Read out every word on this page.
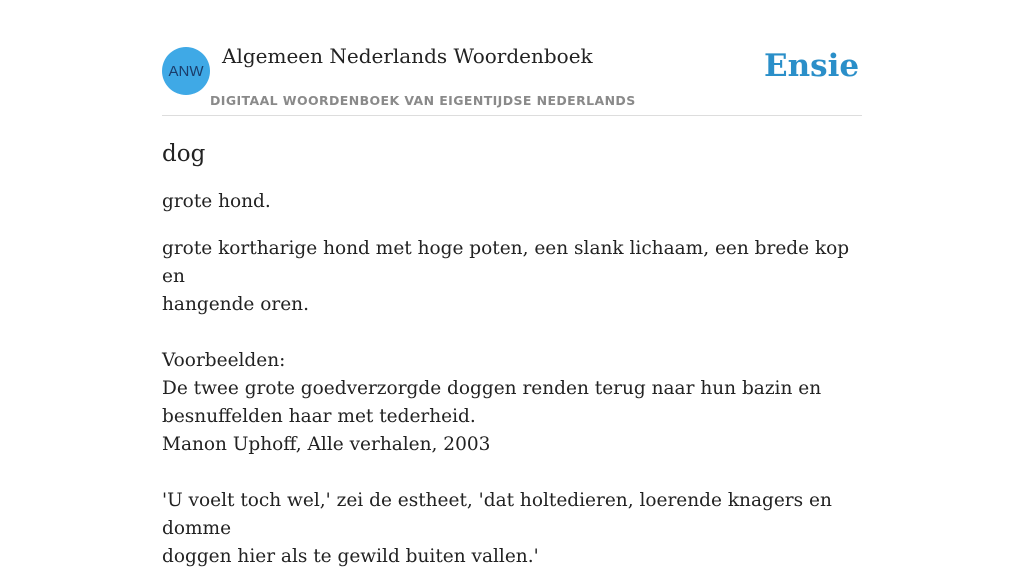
ANW
Algemeen Nederlands Woordenboek
DIGITAAL WOORDENBOEK VAN EIGENTIJDSE NEDERLANDS
Ensie
dog

grote hond.

grote kortharige hond met hoge poten, een slank lichaam, een brede kop en
hangende oren.
Voorbeelden:
De twee grote goedverzorgde doggen renden terug naar hun bazin en
besnuffelden haar met tederheid.
Manon Uphoff, Alle verhalen, 2003
'U voelt toch wel,' zei de estheet, 'dat holtedieren, loerende knagers en domme
doggen hier als te gewild buiten vallen.'
